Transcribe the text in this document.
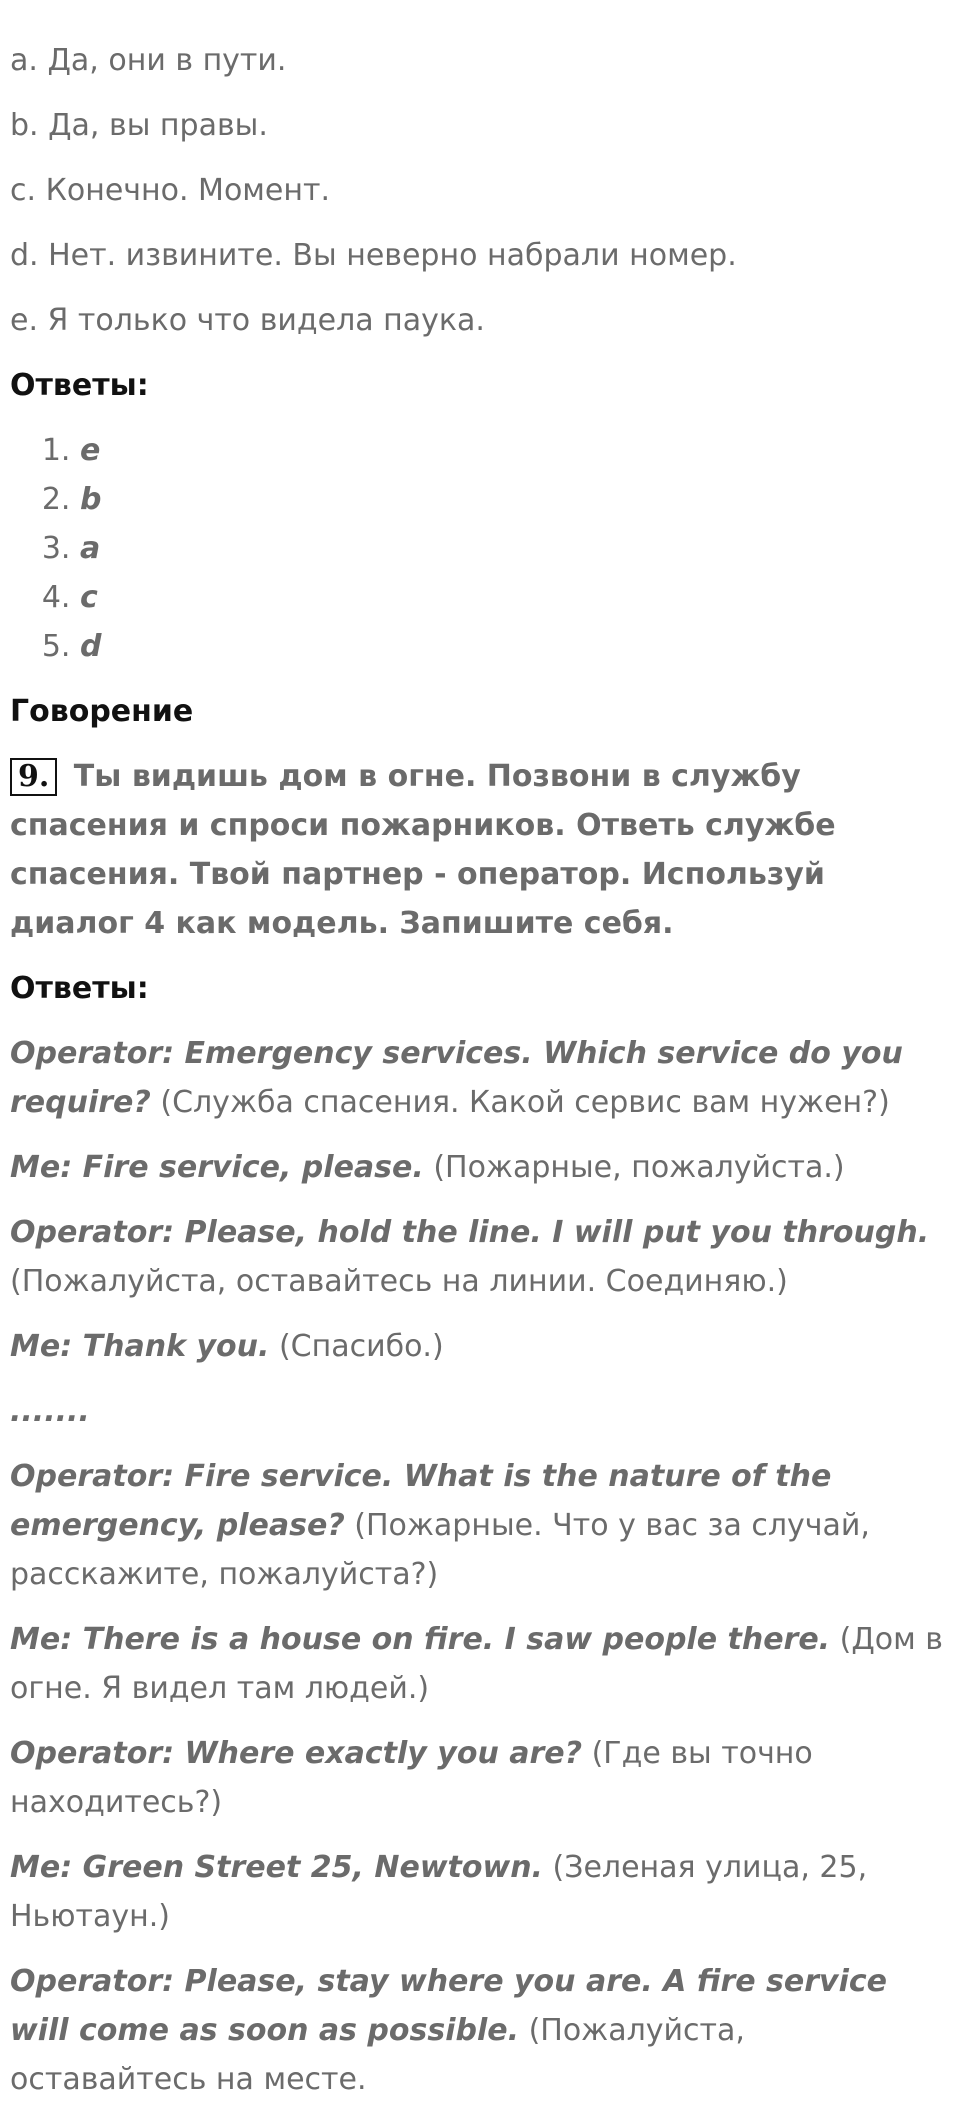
a. Да, они в пути.

b. Да, вы правы.

c. Конечно. Момент.

d. Нет. извините. Вы неверно набрали номер.

e. Я только что видела паука.

Ответы:

1. e
2. b
3. a
4. c
5. d

Говорение

9. Ты видишь дом в огне. Позвони в службу спасения и спроси пожарников. Ответь службе спасения. Твой партнер - оператор. Используй диалог 4 как модель. Запишите себя.

Ответы:

Operator: Emergency services. Which service do you require? (Служба спасения. Какой сервис вам нужен?)

Me: Fire service, please. (Пожарные, пожалуйста.)

Operator: Please, hold the line. I will put you through. (Пожалуйста, оставайтесь на линии. Соединяю.)

Me: Thank you. (Спасибо.)

.......

Operator: Fire service. What is the nature of the emergency, please? (Пожарные. Что у вас за случай, расскажите, пожалуйста?)

Me: There is a house on fire. I saw people there. (Дом в огне. Я видел там людей.)

Operator: Where exactly you are? (Где вы точно находитесь?)

Me: Green Street 25, Newtown. (Зеленая улица, 25, Ньютаун.)

Operator: Please, stay where you are. A fire service will come as soon as possible. (Пожалуйста, оставайтесь на месте.
